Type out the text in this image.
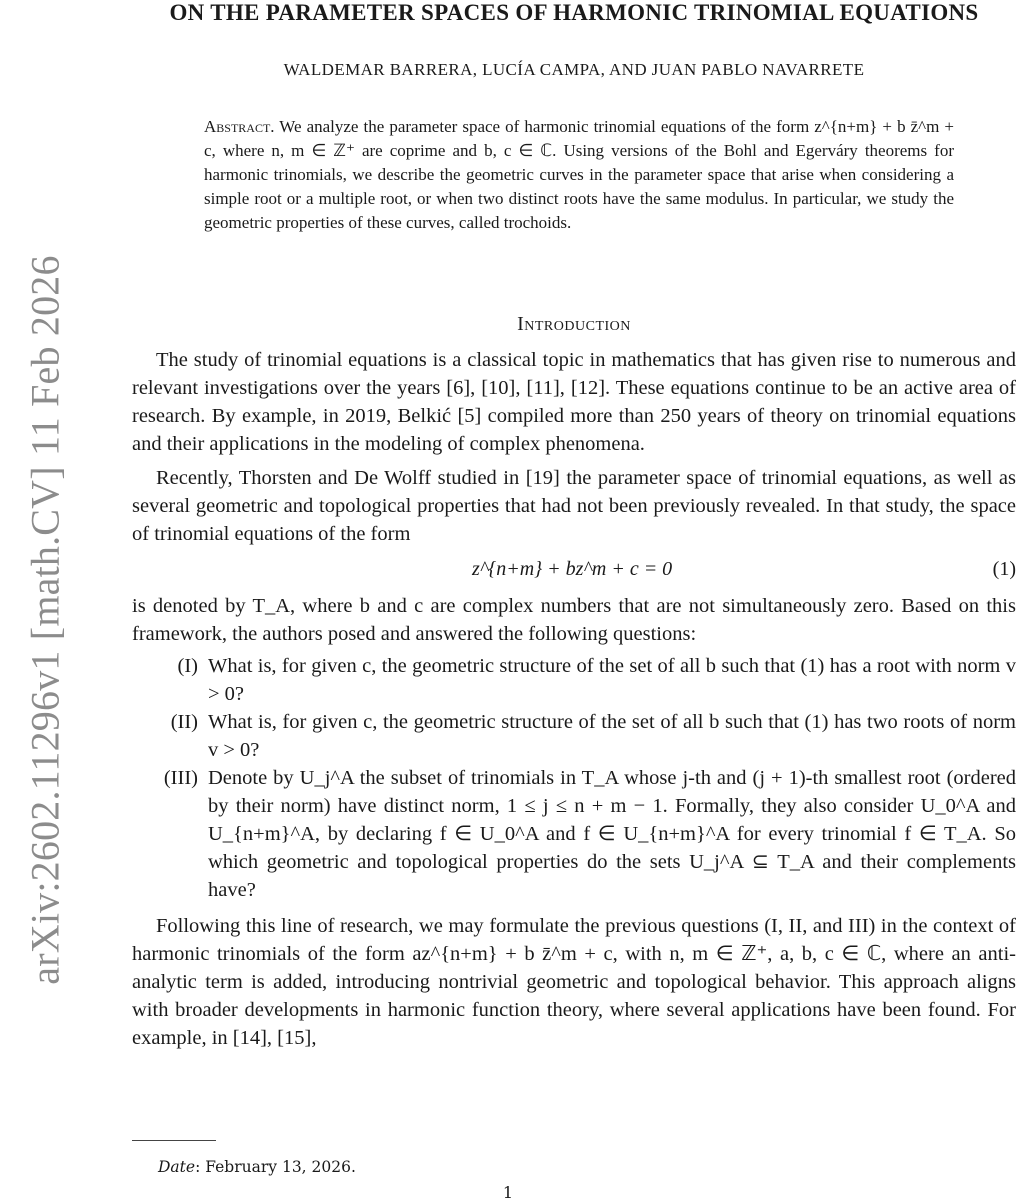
arXiv:2602.11296v1 [math.CV] 11 Feb 2026
ON THE PARAMETER SPACES OF HARMONIC TRINOMIAL EQUATIONS
WALDEMAR BARRERA, LUCÍA CAMPA, AND JUAN PABLO NAVARRETE
Abstract. We analyze the parameter space of harmonic trinomial equations of the form z^{n+m} + b z̄^m + c, where n, m ∈ ℤ⁺ are coprime and b, c ∈ ℂ. Using versions of the Bohl and Egerváry theorems for harmonic trinomials, we describe the geometric curves in the parameter space that arise when considering a simple root or a multiple root, or when two distinct roots have the same modulus. In particular, we study the geometric properties of these curves, called trochoids.
Introduction

The study of trinomial equations is a classical topic in mathematics that has given rise to numerous and relevant investigations over the years [6], [10], [11], [12]. These equations continue to be an active area of research. By example, in 2019, Belkić [5] compiled more than 250 years of theory on trinomial equations and their applications in the modeling of complex phenomena.

Recently, Thorsten and De Wolff studied in [19] the parameter space of trinomial equations, as well as several geometric and topological properties that had not been previously revealed. In that study, the space of trinomial equations of the form

z^{n+m} + bz^m + c = 0	(1)

is denoted by T_A, where b and c are complex numbers that are not simultaneously zero. Based on this framework, the authors posed and answered the following questions:

(I) What is, for given c, the geometric structure of the set of all b such that (1) has a root with norm v > 0?
(II) What is, for given c, the geometric structure of the set of all b such that (1) has two roots of norm v > 0?
(III) Denote by U_j^A the subset of trinomials in T_A whose j-th and (j + 1)-th smallest root (ordered by their norm) have distinct norm, 1 ≤ j ≤ n + m − 1. Formally, they also consider U_0^A and U_{n+m}^A, by declaring f ∈ U_0^A and f ∈ U_{n+m}^A for every trinomial f ∈ T_A. So which geometric and topological properties do the sets U_j^A ⊆ T_A and their complements have?

Following this line of research, we may formulate the previous questions (I, II, and III) in the context of harmonic trinomials of the form az^{n+m} + b z̄^m + c, with n, m ∈ ℤ⁺, a, b, c ∈ ℂ, where an anti-analytic term is added, introducing nontrivial geometric and topological behavior. This approach aligns with broader developments in harmonic function theory, where several applications have been found. For example, in [14], [15],

Date: February 13, 2026.
1
